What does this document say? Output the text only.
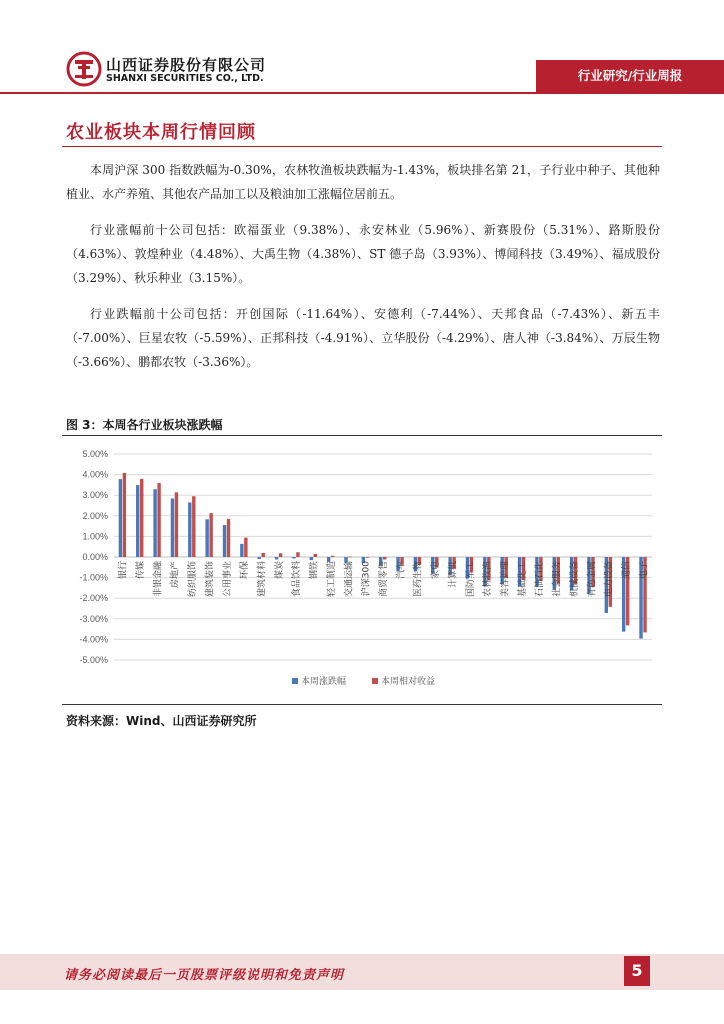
山西证券股份有限公司
SHANXI SECURITIES CO., LTD.	行业研究/行业周报
农业板块本周行情回顾
本周沪深 300 指数跌幅为-0.30%，农林牧渔板块跌幅为-1.43%，板块排名第 21，子行业中种子、其他种植业、水产养殖、其他农产品加工以及粮油加工涨幅位居前五。
行业涨幅前十公司包括：欧福蛋业（9.38%）、永安林业（5.96%）、新赛股份（5.31%）、路斯股份（4.63%）、敦煌种业（4.48%）、大禹生物（4.38%）、ST 德子岛（3.93%）、博闻科技（3.49%）、福成股份（3.29%）、秋乐种业（3.15%）。
行业跌幅前十公司包括：开创国际（-11.64%）、安德利（-7.44%）、天邦食品（-7.43%）、新五丰（-7.00%）、巨星农牧（-5.59%）、正邦科技（-4.91%）、立华股份（-4.29%）、唐人神（-3.84%）、万辰生物（-3.66%）、鹏都农牧（-3.36%）。
图 3：本周各行业板块涨跌幅
5.00%
4.00%
3.00%
2.00%
1.00%
0.00%
-1.00%
-2.00%
-3.00%
-4.00%
-5.00%
银行 传媒 非银金融 房地产 纺织服饰 建筑装饰 公用事业 环保 建筑材料 煤炭 食品饮料 钢铁 轻工制造 交通运输 沪深300 商贸零售 汽车 医药生物 家电 计算机 国防军工 农林牧渔 美容护理 基础化工 石油石化 社会服务 机械设备 有色金属 电力设备 通信 电子
本周涨跌幅	本周相对收益
资料来源：Wind、山西证券研究所
请务必阅读最后一页股票评级说明和免责声明	5
